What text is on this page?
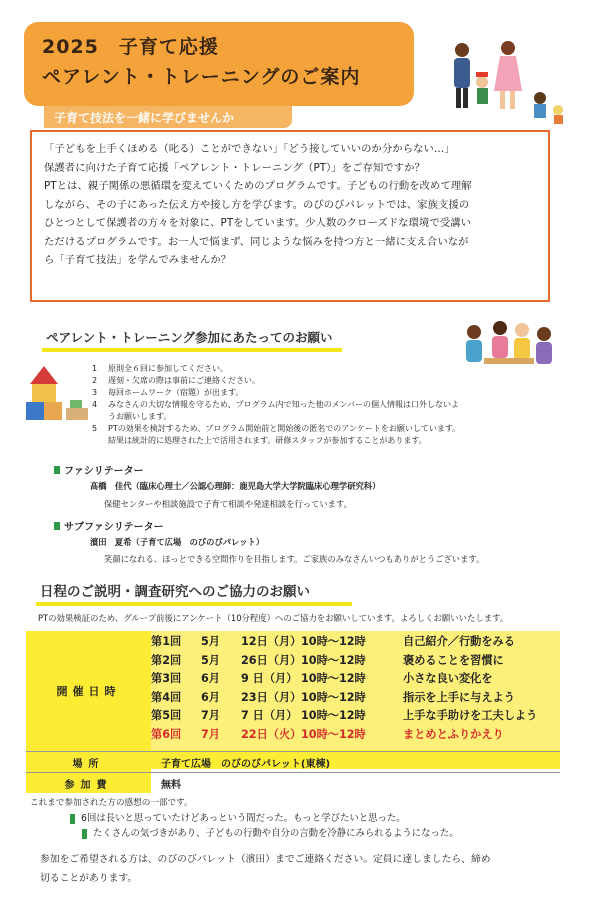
2025　子育て応援
ペアレント・トレーニングのご案内
子育て技法を一緒に学びませんか

「子どもを上手くほめる（叱る）ことができない」「どう接していいのか分からない…」

保護者に向けた子育て応援「ペアレント・トレーニング（PT）」をご存知ですか？

PTとは、親子関係の悪循環を変えていくためのプログラムです。子どもの行動を改めて理解

しながら、その子にあった伝え方や接し方を学びます。のびのびパレットでは、家族支援の

ひとつとして保護者の方々を対象に、PTをしています。少人数のクローズドな環境で受講い

ただけるプログラムです。お一人で悩まず、同じような悩みを持つ方と一緒に支え合いなが

ら「子育て技法」を学んでみませんか？

ペアレント・トレーニング参加にあたってのお願い
1	原則全６回に参加してください。
2	遅刻・欠席の際は事前にご連絡ください。
3	毎回ホームワーク（宿題）が出ます。
4	みなさんの大切な情報を守るため、プログラム内で知った他のメンバーの個人情報は口外しないよ
うお願いします。
5	PTの効果を検討するため、プログラム開始前と開始後の匿名でのアンケートをお願いしています。
結果は統計的に処理された上で活用されます。研修スタッフが参加することがあります。
ファシリテーター
髙橋　佳代（臨床心理士／公認心理師：鹿児島大学大学院臨床心理学研究科）
保健センターや相談施設で子育て相談や発達相談を行っています。
サブファシリテーター
濱田　夏希（子育て広場　のびのびパレット）
笑顔になれる、ほっとできる空間作りを目指します。ご家族のみなさんいつもありがとうございます。
日程のご説明・調査研究へのご協力のお願い
PTの効果検証のため、グループ前後にアンケート（10分程度）へのご協力をお願いしています。よろしくお願いいたします。
開催日時
第1回	5月	12日（月） 10時～12時	自己紹介／行動をみる
第2回	5月	26日（月） 10時～12時	褒めることを習慣に
第3回	6月	9 日（月） 10時～12時	小さな良い変化を
第4回	6月	23日（月） 10時～12時	指示を上手に与えよう
第5回	7月	7 日（月） 10時～12時	上手な手助けを工夫しよう
第6回	7月	22日（火） 10時～12時	まとめとふりかえり
場所	子育て広場　のびのびパレット(東棟)
参加費	無料
これまで参加された方の感想の一部です。
6回は長いと思っていたけどあっという間だった。もっと学びたいと思った。
たくさんの気づきがあり、子どもの行動や自分の言動を冷静にみられるようになった。
参加をご希望される方は、のびのびパレット（濱田）までご連絡ください。定員に達しましたら、締め
切ることがあります。
